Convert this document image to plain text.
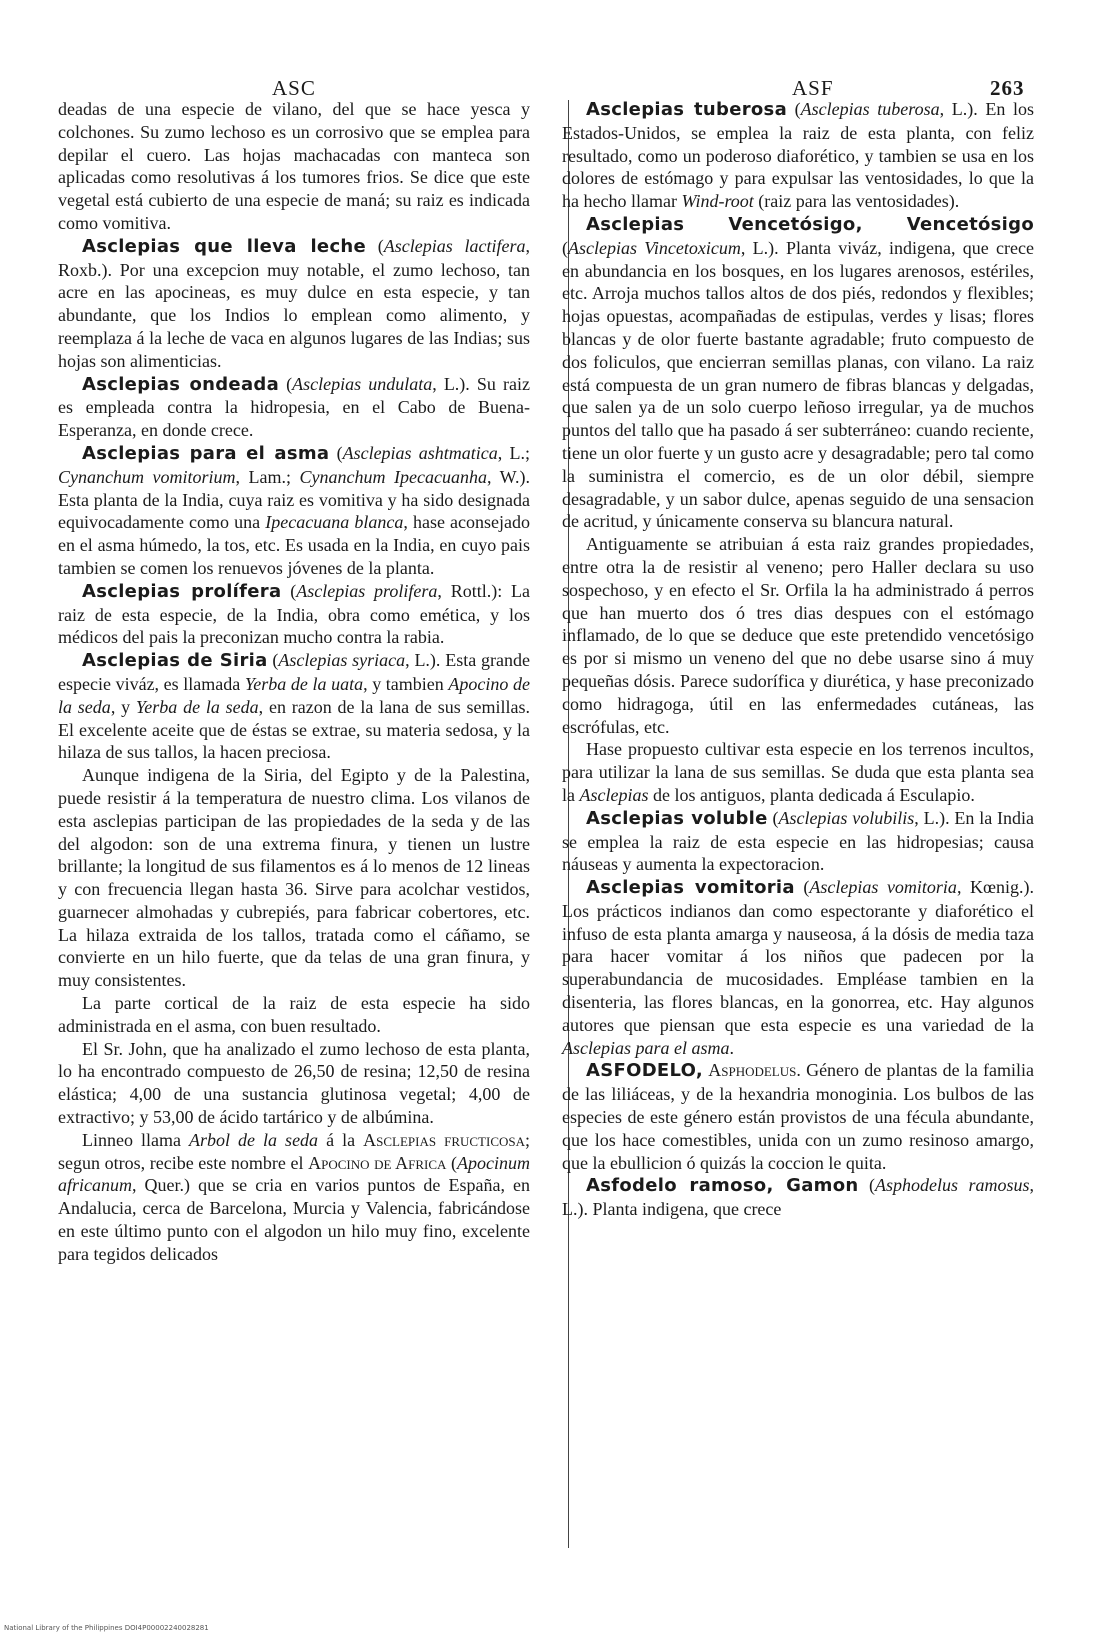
ASC	ASF	263

deadas de una especie de vilano, del que se hace yesca y colchones. Su zumo lechoso es un corrosivo que se emplea para depilar el cuero. Las hojas machacadas con manteca son aplicadas como resolutivas á los tumores frios. Se dice que este vegetal está cubierto de una especie de maná; su raiz es indicada como vomitiva.

Asclepias que lleva leche (Asclepias lactifera, Roxb.). Por una excepcion muy notable, el zumo lechoso, tan acre en las apocineas, es muy dulce en esta especie, y tan abundante, que los Indios lo emplean como alimento, y reemplaza á la leche de vaca en algunos lugares de las Indias; sus hojas son alimenticias.

Asclepias ondeada (Asclepias undulata, L.). Su raiz es empleada contra la hidropesia, en el Cabo de Buena-Esperanza, en donde crece.

Asclepias para el asma (Asclepias ashtmatica, L.; Cynanchum vomitorium, Lam.; Cynanchum Ipecacuanha, W.). Esta planta de la India, cuya raiz es vomitiva y ha sido designada equivocadamente como una Ipecacuana blanca, hase aconsejado en el asma húmedo, la tos, etc. Es usada en la India, en cuyo pais tambien se comen los renuevos jóvenes de la planta.

Asclepias prolífera (Asclepias prolifera, Rottl.): La raiz de esta especie, de la India, obra como emética, y los médicos del pais la preconizan mucho contra la rabia.

Asclepias de Siria (Asclepias syriaca, L.). Esta grande especie viváz, es llamada Yerba de la uata, y tambien Apocino de la seda, y Yerba de la seda, en razon de la lana de sus semillas. El excelente aceite que de éstas se extrae, su materia sedosa, y la hilaza de sus tallos, la hacen preciosa.

Aunque indigena de la Siria, del Egipto y de la Palestina, puede resistir á la temperatura de nuestro clima. Los vilanos de esta asclepias participan de las propiedades de la seda y de las del algodon: son de una extrema finura, y tienen un lustre brillante; la longitud de sus filamentos es á lo menos de 12 lineas y con frecuencia llegan hasta 36. Sirve para acolchar vestidos, guarnecer almohadas y cubrepiés, para fabricar cobertores, etc. La hilaza extraida de los tallos, tratada como el cáñamo, se convierte en un hilo fuerte, que da telas de una gran finura, y muy consistentes.

La parte cortical de la raiz de esta especie ha sido administrada en el asma, con buen resultado.

El Sr. John, que ha analizado el zumo lechoso de esta planta, lo ha encontrado compuesto de 26,50 de resina; 12,50 de resina elástica; 4,00 de una sustancia glutinosa vegetal; 4,00 de extractivo; y 53,00 de ácido tartárico y de albúmina.

Linneo llama Arbol de la seda á la Asclepias fructicosa; segun otros, recibe este nombre el Apocino de Africa (Apocinum africanum, Quer.) que se cria en varios puntos de España, en Andalucia, cerca de Barcelona, Murcia y Valencia, fabricándose en este último punto con el algodon un hilo muy fino, excelente para tegidos delicados

Asclepias tuberosa (Asclepias tuberosa, L.). En los Estados-Unidos, se emplea la raiz de esta planta, con feliz resultado, como un poderoso diaforético, y tambien se usa en los dolores de estómago y para expulsar las ventosidades, lo que la ha hecho llamar Wind-root (raiz para las ventosidades).

Asclepias Vencetósigo, Vencetósigo (Asclepias Vincetoxicum, L.). Planta viváz, indigena, que crece en abundancia en los bosques, en los lugares arenosos, estériles, etc. Arroja muchos tallos altos de dos piés, redondos y flexibles; hojas opuestas, acompañadas de estipulas, verdes y lisas; flores blancas y de olor fuerte bastante agradable; fruto compuesto de dos foliculos, que encierran semillas planas, con vilano. La raiz está compuesta de un gran numero de fibras blancas y delgadas, que salen ya de un solo cuerpo leñoso irregular, ya de muchos puntos del tallo que ha pasado á ser subterráneo: cuando reciente, tiene un olor fuerte y un gusto acre y desagradable; pero tal como la suministra el comercio, es de un olor débil, siempre desagradable, y un sabor dulce, apenas seguido de una sensacion de acritud, y únicamente conserva su blancura natural.

Antiguamente se atribuian á esta raiz grandes propiedades, entre otra la de resistir al veneno; pero Haller declara su uso sospechoso, y en efecto el Sr. Orfila la ha administrado á perros que han muerto dos ó tres dias despues con el estómago inflamado, de lo que se deduce que este pretendido vencetósigo es por si mismo un veneno del que no debe usarse sino á muy pequeñas dósis. Parece sudorífica y diurética, y hase preconizado como hidragoga, útil en las enfermedades cutáneas, las escrófulas, etc.

Hase propuesto cultivar esta especie en los terrenos incultos, para utilizar la lana de sus semillas. Se duda que esta planta sea la Asclepias de los antiguos, planta dedicada á Esculapio.

Asclepias voluble (Asclepias volubilis, L.). En la India se emplea la raiz de esta especie en las hidropesias; causa náuseas y aumenta la expectoracion.

Asclepias vomitoria (Asclepias vomitoria, Kœnig.). Los prácticos indianos dan como espectorante y diaforético el infuso de esta planta amarga y nauseosa, á la dósis de media taza para hacer vomitar á los niños que padecen por la superabundancia de mucosidades. Empléase tambien en la disenteria, las flores blancas, en la gonorrea, etc. Hay algunos autores que piensan que esta especie es una variedad de la Asclepias para el asma.

ASFODELO, Asphodelus. Género de plantas de la familia de las liliáceas, y de la hexandria monoginia. Los bulbos de las especies de este género están provistos de una fécula abundante, que los hace comestibles, unida con un zumo resinoso amargo, que la ebullicion ó quizás la coccion le quita.

Asfodelo ramoso, Gamon (Asphodelus ramosus, L.). Planta indigena, que crece

National Library of the Philippines DOI4P00002240028281
